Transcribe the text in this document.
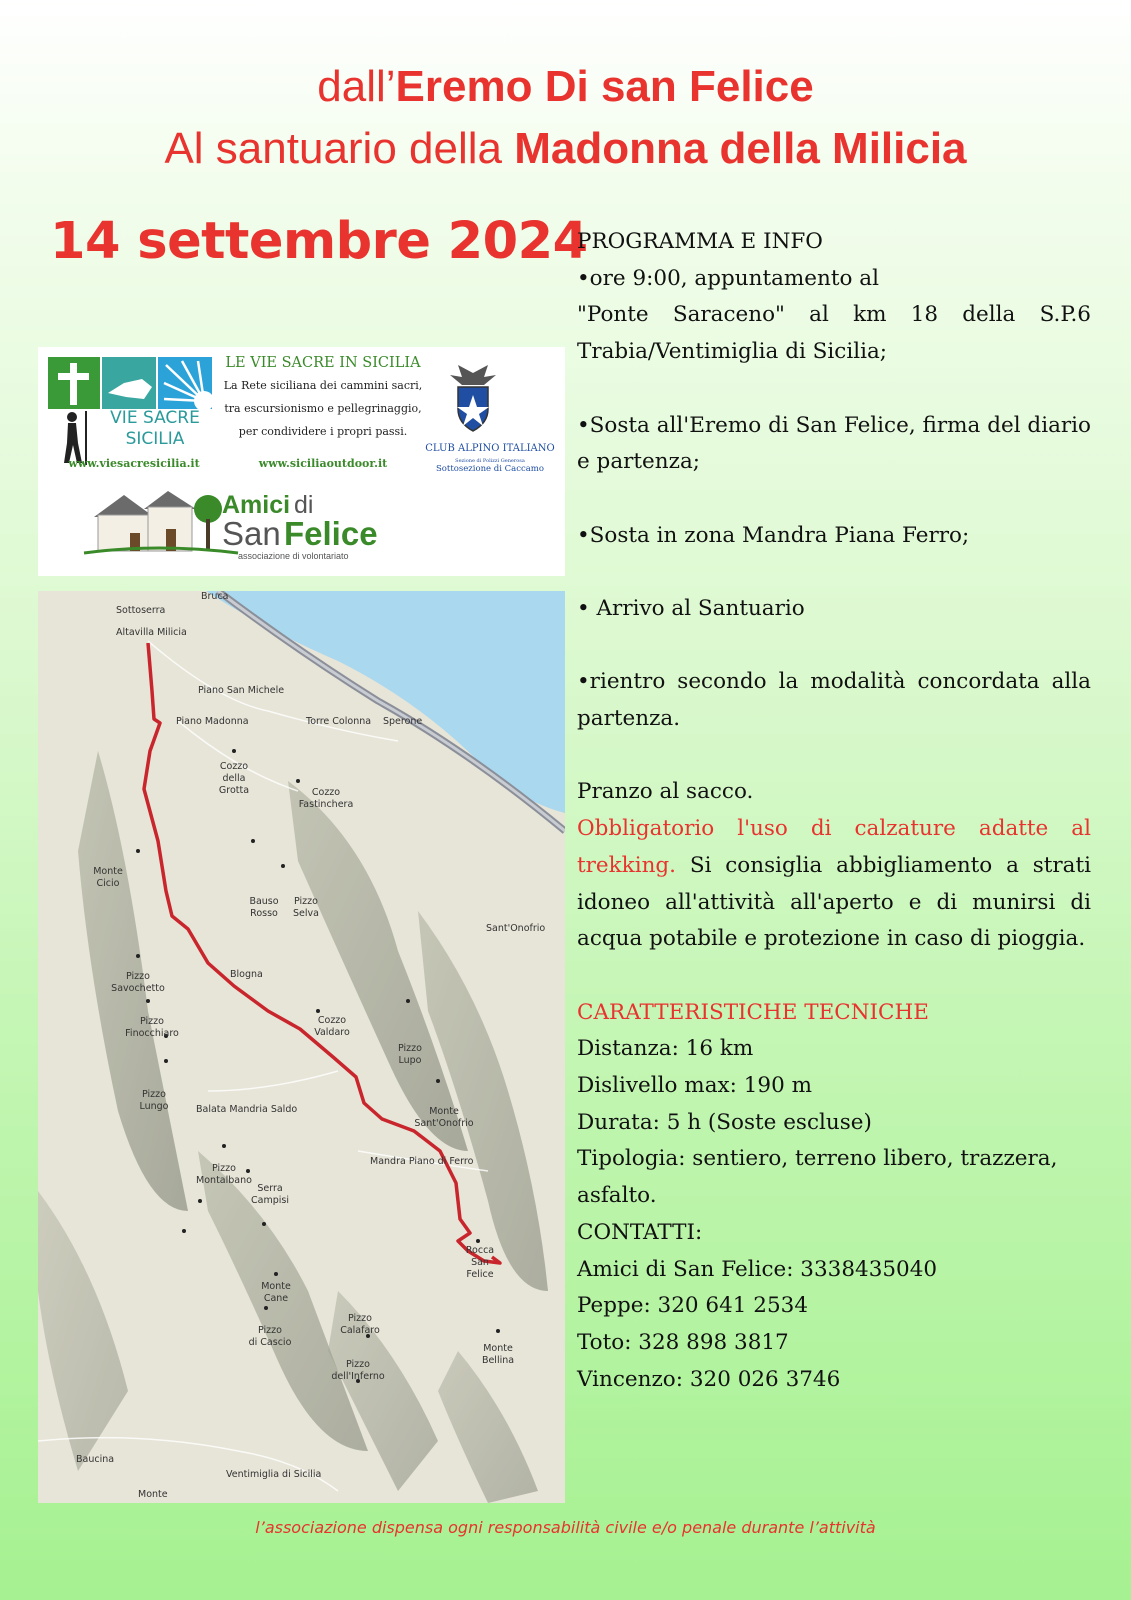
dall’Eremo Di san Felice
Al santuario della Madonna della Milicia
14 settembre 2024
VIE SACRE
SICILIA
www.viesacresicilia.it
LE VIE SACRE IN SICILIA
La Rete siciliana dei cammini sacri,
tra escursionismo e pellegrinaggio,
per condividere i propri passi.
www.siciliaoutdoor.it
CLUB ALPINO ITALIANO
Sezione di Polizzi Generosa
Sottosezione di Caccamo
Amici di
San Felice
associazione di volontariato
Bruca
Sottoserra
Altavilla Milicia
Piano San Michele
Piano Madonna	Torre Colonna Sperone
Cozzo
della
Grotta	Cozzo
Fastinchera
Monte
Cicio
Bauso
Rosso
Pizzo
Selva
Sant'Onofrio
Blogna
Pizzo
Savochetto
Pizzo
Finocchiaro
Cozzo
Valdaro
Pizzo
Lupo
Pizzo
Lungo	Balata Mandria Saldo	Monte
Sant'Onofrio
Mandra Piano di Ferro
Pizzo
Montalbano
Serra
Campisi
Rocca
San
Felice
Monte
Cane
Pizzo
Calafaro
Pizzo
di Cascio
Monte
Bellina
Pizzo
dell'Inferno
Baucina
Ventimiglia di Sicilia
Monte

PROGRAMMA E INFO

•ore 9:00, appuntamento al

"Ponte Saraceno" al km 18 della S.P.6 Trabia/Ventimiglia di Sicilia;

•Sosta all'Eremo di San Felice, firma del diario e partenza;

•Sosta in zona Mandra Piana Ferro;

• Arrivo al Santuario

•rientro secondo la modalità concordata alla partenza.

Pranzo al sacco.

Obbligatorio l'uso di calzature adatte al trekking. Si consiglia abbigliamento a strati idoneo all'attività all'aperto e di munirsi di acqua potabile e protezione in caso di pioggia.

CARATTERISTICHE TECNICHE

Distanza: 16 km

Dislivello max: 190 m

Durata: 5 h (Soste escluse)

Tipologia: sentiero, terreno libero, trazzera,

asfalto.

CONTATTI:

Amici di San Felice: 3338435040

Peppe: 320 641 2534

Toto: 328 898 3817

Vincenzo: 320 026 3746

l’associazione dispensa ogni responsabilità civile e/o penale durante l’attività
